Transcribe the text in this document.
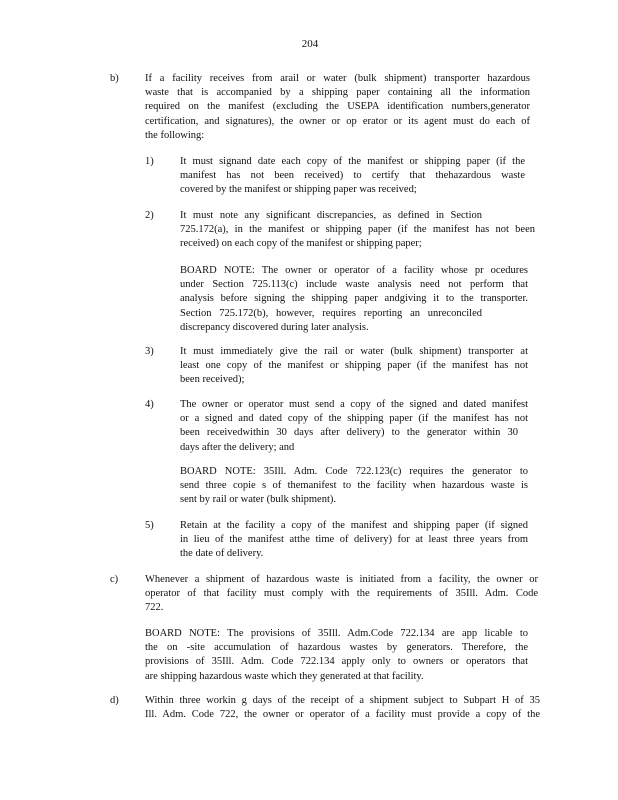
204
b)	If a facility receives from arail or water (bulk shipment) transporter hazardous
waste that is accompanied by a shipping paper containing all the information
required on the manifest (excluding the USEPA identification numbers,generator
certification, and signatures), the owner or op erator or its agent must do each of
the following:
1)	It must signand date each copy of the manifest or shipping paper (if the
manifest has not been received) to certify that thehazardous waste
covered by the manifest or shipping paper was received;
2)	It must note any significant discrepancies, as defined in Section
725.172(a), in the manifest or shipping paper (if the manifest has not been
received) on each copy of the manifest or shipping paper;
BOARD NOTE: The owner or operator of a facility whose pr ocedures
under Section 725.113(c) include waste analysis need not perform that
analysis before signing the shipping paper andgiving it to the transporter.
Section 725.172(b), however, requires reporting an unreconciled
discrepancy discovered during later analysis.
3)	It must immediately give the rail or water (bulk shipment) transporter at
least one copy of the manifest or shipping paper (if the manifest has not
been received);
4)	The owner or operator must send a copy of the signed and dated manifest
or a signed and dated copy of the shipping paper (if the manifest has not
been receivedwithin 30 days after delivery) to the generator within 30
days after the delivery; and
BOARD NOTE: 35Ill. Adm. Code 722.123(c) requires the generator to
send three copie s of themanifest to the facility when hazardous waste is
sent by rail or water (bulk shipment).
5)	Retain at the facility a copy of the manifest and shipping paper (if signed
in lieu of the manifest atthe time of delivery) for at least three years from
the date of delivery.
c)	Whenever a shipment of hazardous waste is initiated from a facility, the owner or
operator of that facility must comply with the requirements of 35Ill. Adm. Code
722.
BOARD NOTE: The provisions of 35Ill. Adm.Code 722.134 are app licable to
the on -site accumulation of hazardous wastes by generators. Therefore, the
provisions of 35Ill. Adm. Code 722.134 apply only to owners or operators that
are shipping hazardous waste which they generated at that facility.
d)	Within three workin g days of the receipt of a shipment subject to Subpart H of 35
Ill. Adm. Code 722, the owner or operator of a facility must provide a copy of the
